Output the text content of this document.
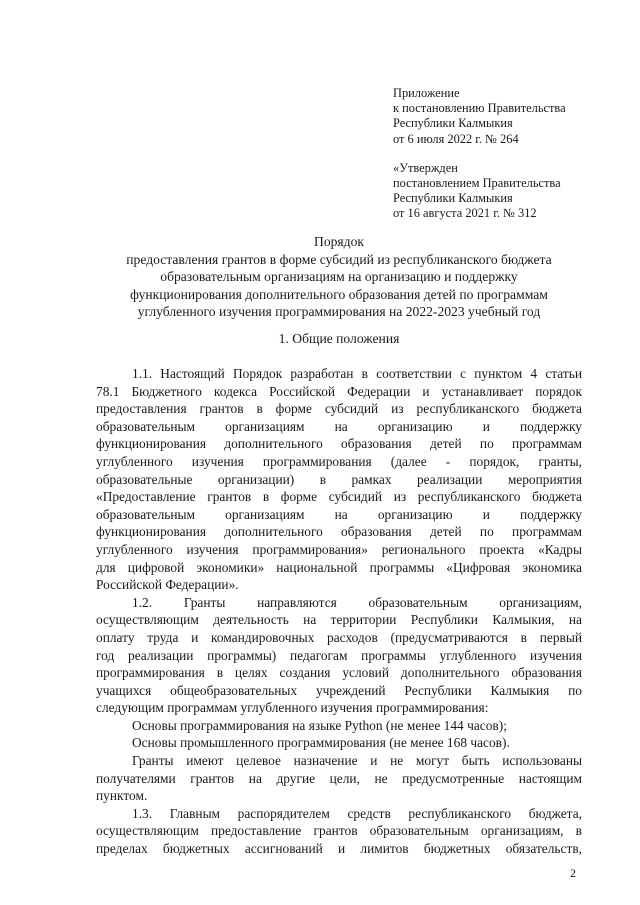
Приложение

к постановлению Правительства

Республики Калмыкия

от 6 июля 2022 г. № 264

«Утвержден

постановлением Правительства

Республики Калмыкия

от 16 августа 2021 г. № 312

Порядок

предоставления грантов в форме субсидий из республиканского бюджета

образовательным организациям на организацию и поддержку

функционирования дополнительного образования детей по программам

углубленного изучения программирования на 2022-2023 учебный год

1. Общие положения

1.1. Настоящий Порядок разработан в соответствии с пунктом 4 статьи
78.1 Бюджетного кодекса Российской Федерации и устанавливает порядок
предоставления грантов в форме субсидий из республиканского бюджета
образовательным организациям на организацию и поддержку
функционирования дополнительного образования детей по программам
углубленного изучения программирования (далее - порядок, гранты,
образовательные организации) в рамках реализации мероприятия
«Предоставление грантов в форме субсидий из республиканского бюджета
образовательным организациям на организацию и поддержку
функционирования дополнительного образования детей по программам
углубленного изучения программирования» регионального проекта «Кадры
для цифровой экономики» национальной программы «Цифровая экономика
Российской Федерации».
1.2. Гранты направляются образовательным организациям,
осуществляющим деятельность на территории Республики Калмыкия, на
оплату труда и командировочных расходов (предусматриваются в первый
год реализации программы) педагогам программы углубленного изучения
программирования в целях создания условий дополнительного образования
учащихся общеобразовательных учреждений Республики Калмыкия по
следующим программам углубленного изучения программирования:
Основы программирования на языке Python (не менее 144 часов);
Основы промышленного программирования (не менее 168 часов).
Гранты имеют целевое назначение и не могут быть использованы
получателями грантов на другие цели, не предусмотренные настоящим
пунктом.
1.3. Главным распорядителем средств республиканского бюджета,
осуществляющим предоставление грантов образовательным организациям, в
пределах бюджетных ассигнований и лимитов бюджетных обязательств,
2
